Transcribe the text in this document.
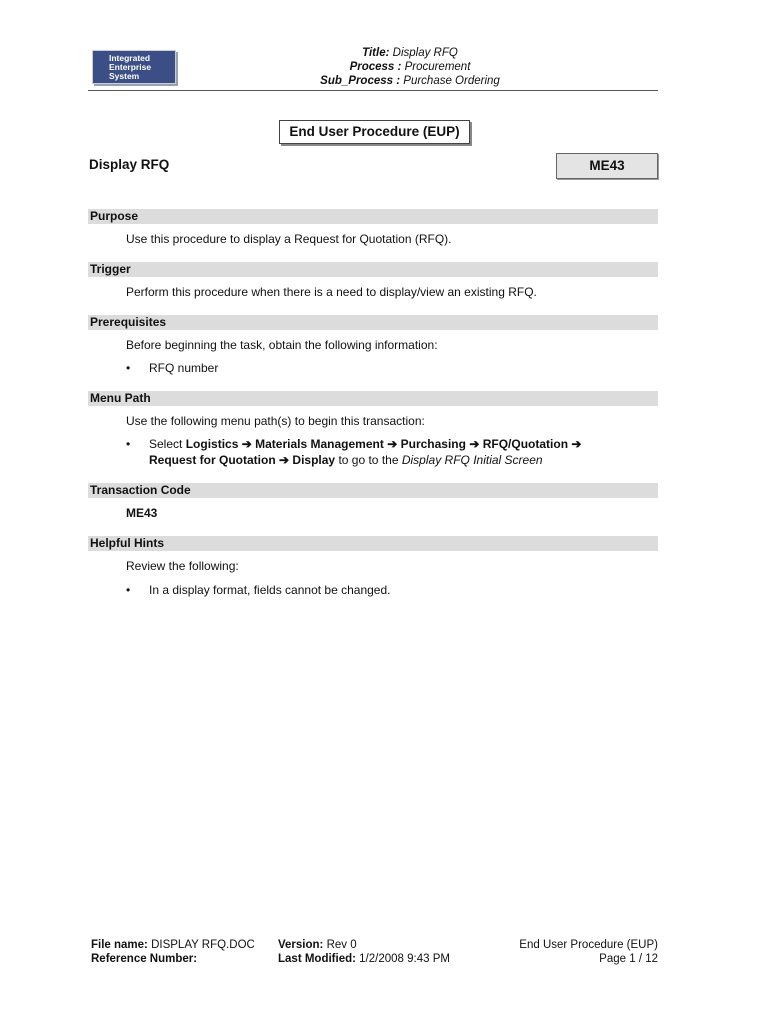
Integrated
Enterprise
System
Title: Display RFQ
Process : Procurement
Sub_Process : Purchase Ordering
End User Procedure (EUP)
Display RFQ	ME43
Purpose
Use this procedure to display a Request for Quotation (RFQ).
Trigger
Perform this procedure when there is a need to display/view an existing RFQ.
Prerequisites
Before beginning the task, obtain the following information:
• RFQ number
Menu Path
Use the following menu path(s) to begin this transaction:
• Select Logistics ➔ Materials Management ➔ Purchasing ➔ RFQ/Quotation ➔
Request for Quotation ➔ Display to go to the Display RFQ Initial Screen
Transaction Code
ME43
Helpful Hints
Review the following:
• In a display format, fields cannot be changed.
File name: DISPLAY RFQ.DOC
Reference Number:
Version: Rev 0
Last Modified: 1/2/2008 9:43 PM
End User Procedure (EUP)
Page 1 / 12
